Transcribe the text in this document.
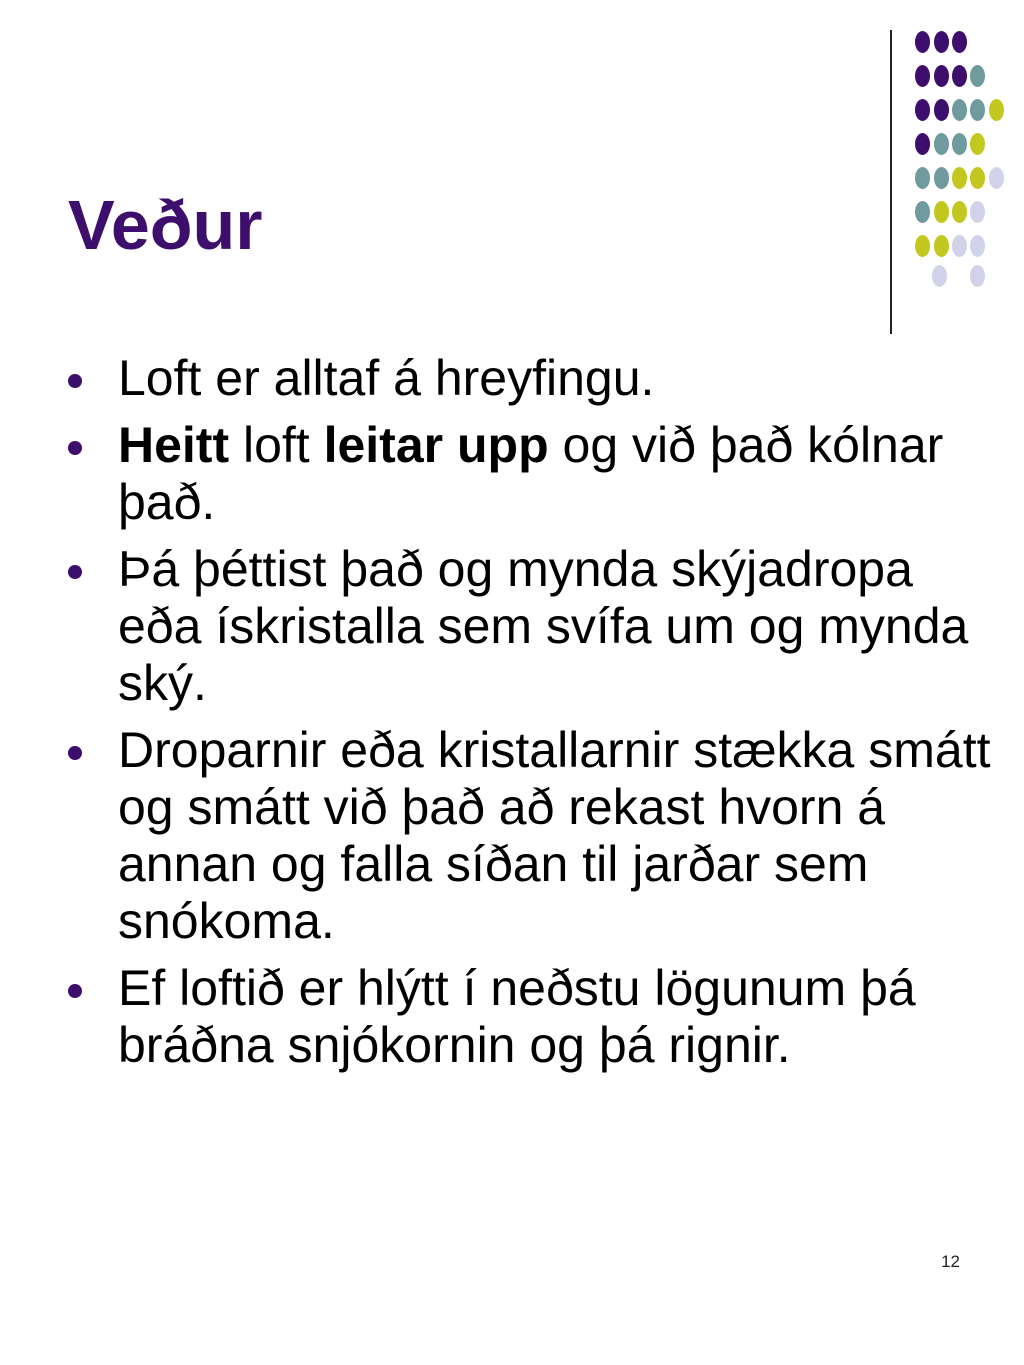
Veður
Loft er alltaf á hreyfingu.
Heitt loft leitar upp og við það kólnar það.
Þá þéttist það og mynda skýjadropa eða ískristalla sem svífa um og mynda ský.
Droparnir eða kristallarnir stækka smátt og smátt við það að rekast hvorn á annan og falla síðan til jarðar sem snókoma.
Ef loftið er hlýtt í neðstu lögunum þá bráðna snjókornin og þá rignir.
12
